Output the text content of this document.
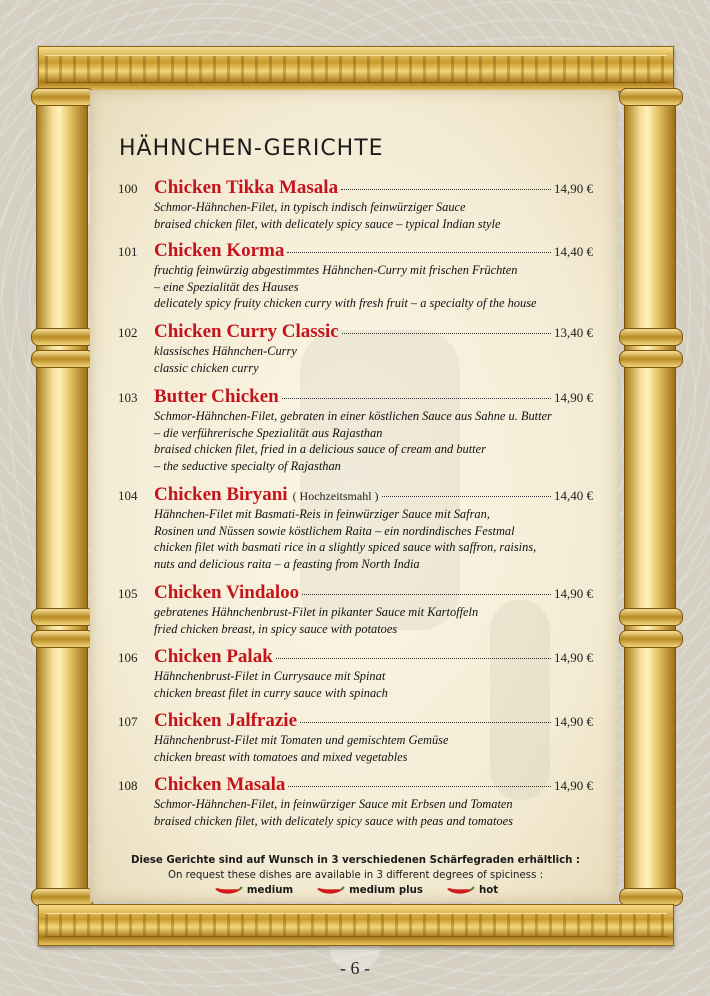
HÄHNCHEN-GERICHTE
100 Chicken Tikka Masala	14,90 €
Schmor-Hähnchen-Filet, in typisch indisch feinwürziger Sauce
braised chicken filet, with delicately spicy sauce – typical Indian style
101 Chicken Korma	14,40 €
fruchtig feinwürzig abgestimmtes Hähnchen-Curry mit frischen Früchten
– eine Spezialität des Hauses
delicately spicy fruity chicken curry with fresh fruit – a specialty of the house
102 Chicken Curry Classic	13,40 €
klassisches Hähnchen-Curry
classic chicken curry
103 Butter Chicken	14,90 €
Schmor-Hähnchen-Filet, gebraten in einer köstlichen Sauce aus Sahne u. Butter
– die verführerische Spezialität aus Rajasthan
braised chicken filet, fried in a delicious sauce of cream and butter
– the seductive specialty of Rajasthan
104 Chicken Biryani ( Hochzeitsmahl )	14,40 €
Hähnchen-Filet mit Basmati-Reis in feinwürziger Sauce mit Safran,
Rosinen und Nüssen sowie köstlichem Raita – ein nordindisches Festmal
chicken filet with basmati rice in a slightly spiced sauce with saffron, raisins,
nuts and delicious raita – a feasting from North India
105 Chicken Vindaloo	14,90 €
gebratenes Hähnchenbrust-Filet in pikanter Sauce mit Kartoffeln
fried chicken breast, in spicy sauce with potatoes
106 Chicken Palak	14,90 €
Hähnchenbrust-Filet in Currysauce mit Spinat
chicken breast filet in curry sauce with spinach
107 Chicken Jalfrazie	14,90 €
Hähnchenbrust-Filet mit Tomaten und gemischtem Gemüse
chicken breast with tomatoes and mixed vegetables
108 Chicken Masala	14,90 €
Schmor-Hähnchen-Filet, in feinwürziger Sauce mit Erbsen und Tomaten
braised chicken filet, with delicately spicy sauce with peas and tomatoes
Diese Gerichte sind auf Wunsch in 3 verschiedenen Schärfegraden erhältlich :
On request these dishes are available in 3 different degrees of spiciness :
medium	medium plus	hot
- 6 -
